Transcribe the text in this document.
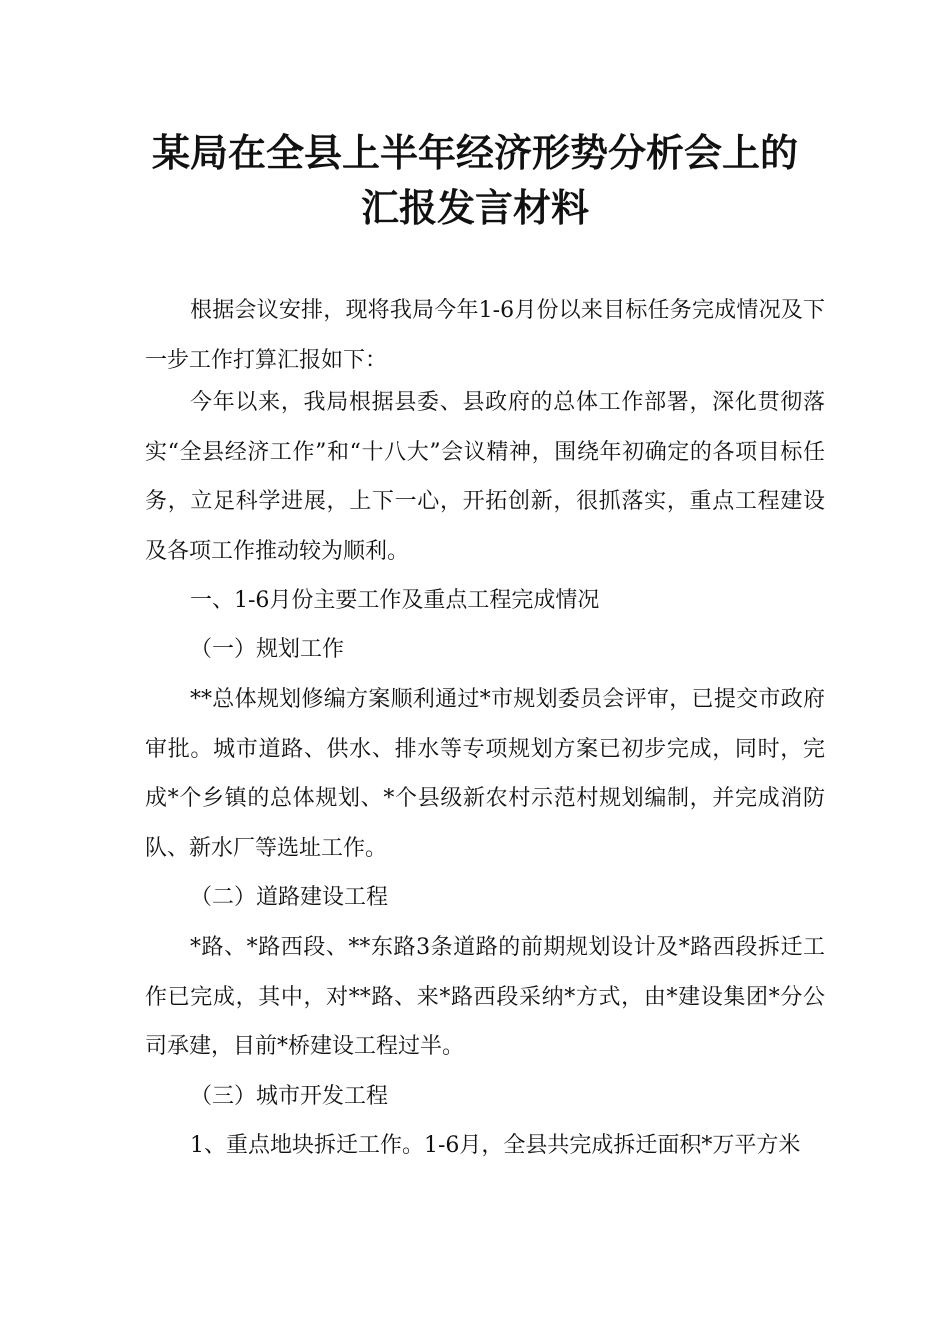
某局在全县上半年经济形势分析会上的
汇报发言材料

根据会议安排，现将我局今年1-6月份以来目标任务完成情况及下一步工作打算汇报如下：

今年以来，我局根据县委、县政府的总体工作部署，深化贯彻落实“全县经济工作”和“十八大”会议精神，围绕年初确定的各项目标任务，立足科学进展，上下一心，开拓创新，很抓落实，重点工程建设及各项工作推动较为顺利。

一、1-6月份主要工作及重点工程完成情况

（一）规划工作

**总体规划修编方案顺利通过*市规划委员会评审，已提交市政府审批。城市道路、供水、排水等专项规划方案已初步完成，同时，完成*个乡镇的总体规划、*个县级新农村示范村规划编制，并完成消防队、新水厂等选址工作。

（二）道路建设工程

*路、*路西段、**东路3条道路的前期规划设计及*路西段拆迁工作已完成，其中，对**路、来*路西段采纳*方式，由*建设集团*分公司承建，目前*桥建设工程过半。

（三）城市开发工程

1、重点地块拆迁工作。1-6月，全县共完成拆迁面积*万平方米
